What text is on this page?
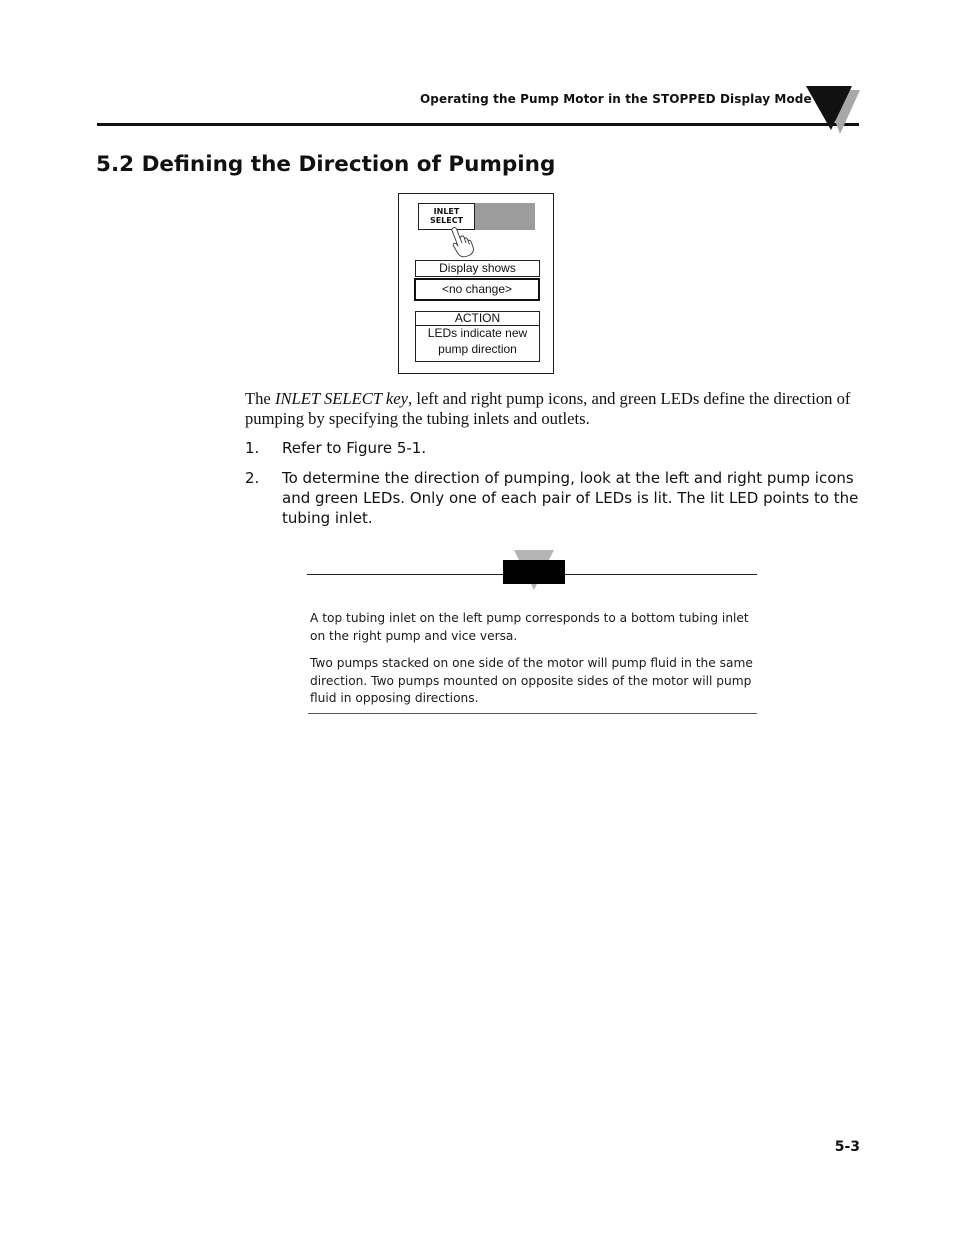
Operating the Pump Motor in the STOPPED Display Mode
5.2 Defining the Direction of Pumping
INLET
SELECT
Display shows
<no change>
ACTION
LEDs indicate new pump direction

The INLET SELECT key, left and right pump icons, and green LEDs define the direction of pumping by specifying the tubing inlets and outlets.

1. Refer to Figure 5-1.

2. To determine the direction of pumping, look at the left and right pump icons and green LEDs. Only one of each pair of LEDs is lit. The lit LED points to the tubing inlet.

A top tubing inlet on the left pump corresponds to a bottom tubing inlet on the right pump and vice versa.

Two pumps stacked on one side of the motor will pump fluid in the same direction. Two pumps mounted on opposite sides of the motor will pump fluid in opposing directions.

5-3
